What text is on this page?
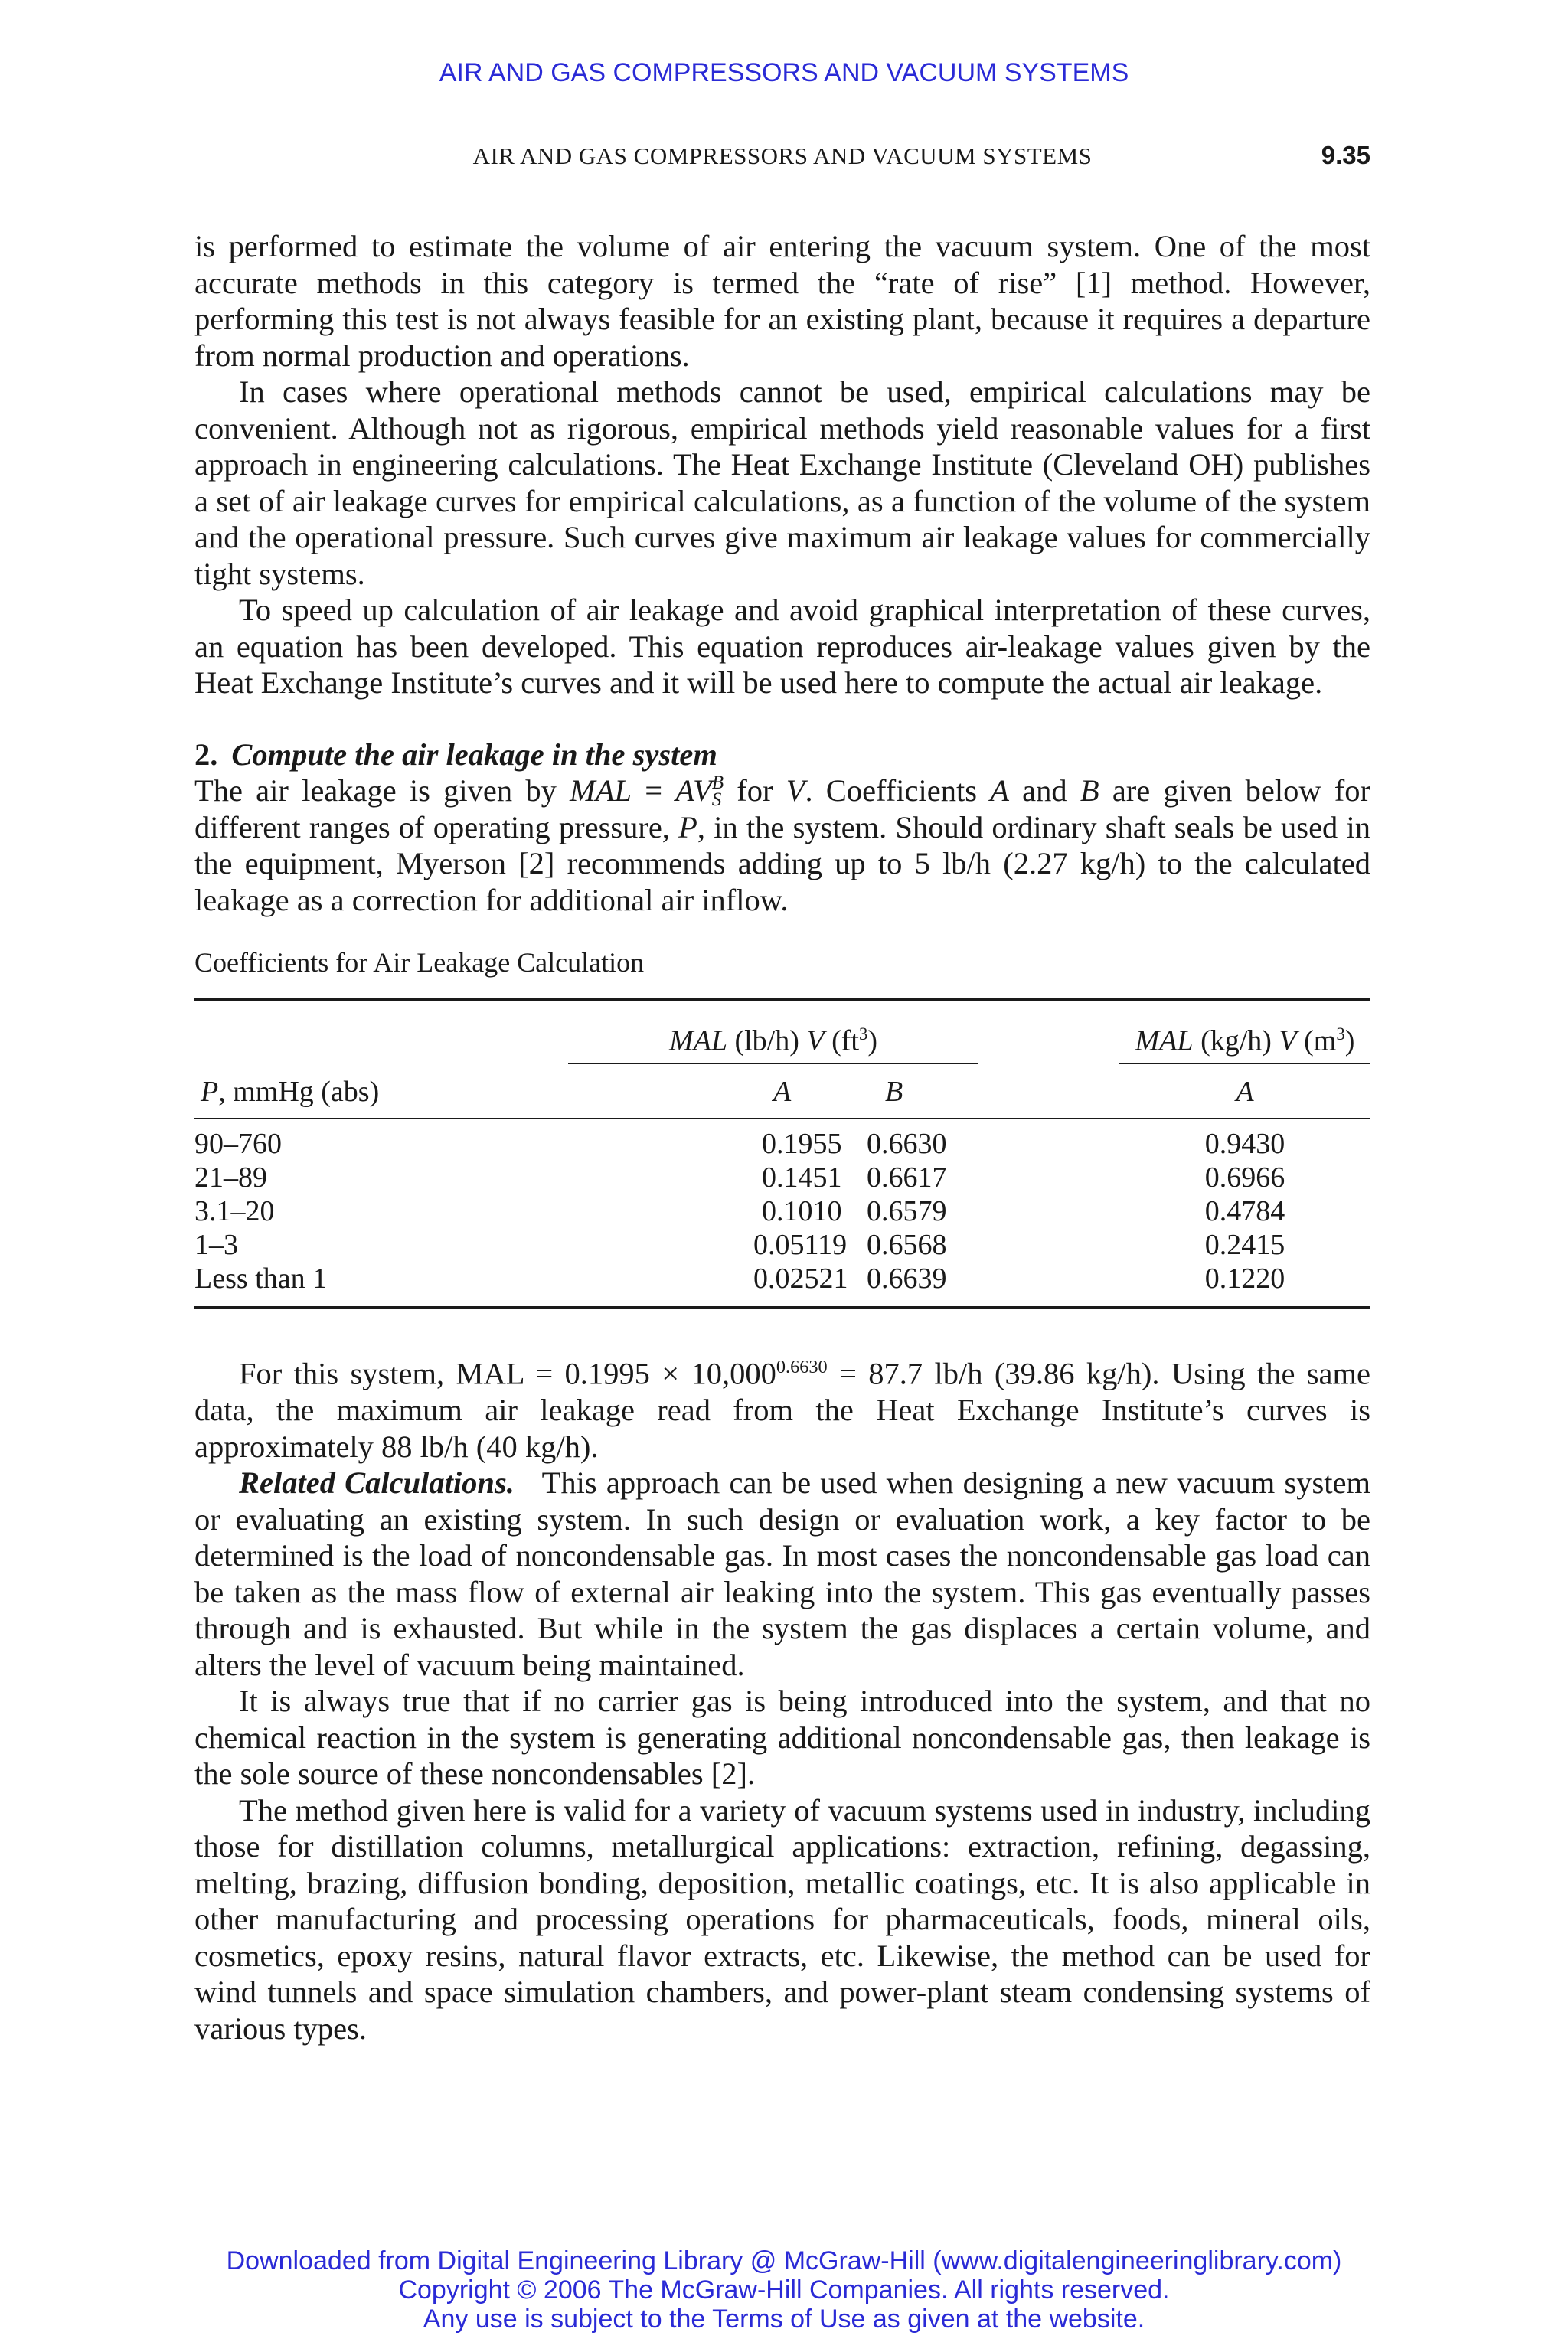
AIR AND GAS COMPRESSORS AND VACUUM SYSTEMS
AIR AND GAS COMPRESSORS AND VACUUM SYSTEMS	9.35

is performed to estimate the volume of air entering the vacuum system. One of the most accurate methods in this category is termed the “rate of rise” [1] method. However, performing this test is not always feasible for an existing plant, because it requires a departure from normal production and operations.

In cases where operational methods cannot be used, empirical calculations may be convenient. Although not as rigorous, empirical methods yield reasonable values for a first approach in engineering calculations. The Heat Exchange Institute (Cleveland OH) publishes a set of air leakage curves for empirical calculations, as a function of the volume of the system and the operational pressure. Such curves give maximum air leakage values for commercially tight systems.

To speed up calculation of air leakage and avoid graphical interpretation of these curves, an equation has been developed. This equation reproduces air-leakage values given by the Heat Exchange Institute’s curves and it will be used here to compute the actual air leakage.

2. Compute the air leakage in the system

The air leakage is given by MAL = AV B
S for V. Coefficients A and B are given below for different ranges of operating pressure, P, in the system. Should ordinary shaft seals be used in the equipment, Myerson [2] recommends adding up to 5 lb/h (2.27 kg/h) to the calculated leakage as a correction for additional air inflow.

Coefficients for Air Leakage Calculation

	MAL (lb/h) V $(ft^3)$				MAL (kg/h) V $(m^3)$
P, mmHg (abs)	A		B		A

90–760	0.1955		0.6630		0.9430
21–89	0.1451		0.6617		0.6966
3.1–20	0.1010		0.6579		0.4784
1–3	0.05119		0.6568		0.2415
Less than 1	0.02521		0.6639		0.1220

For this system, MAL = $0.1995 \times 10,000^{0.6630} = 87.7$ lb/h (39.86 kg/h). Using the same data, the maximum air leakage read from the Heat Exchange Institute’s curves is approximately 88 lb/h (40 kg/h).

Related Calculations. This approach can be used when designing a new vacuum system or evaluating an existing system. In such design or evaluation work, a key factor to be determined is the load of noncondensable gas. In most cases the noncondensable gas load can be taken as the mass flow of external air leaking into the system. This gas eventually passes through and is exhausted. But while in the system the gas displaces a certain volume, and alters the level of vacuum being maintained.

It is always true that if no carrier gas is being introduced into the system, and that no chemical reaction in the system is generating additional noncondensable gas, then leakage is the sole source of these noncondensables [2].

The method given here is valid for a variety of vacuum systems used in industry, including those for distillation columns, metallurgical applications: extraction, refining, degassing, melting, brazing, diffusion bonding, deposition, metallic coatings, etc. It is also applicable in other manufacturing and processing operations for pharmaceuticals, foods, mineral oils, cosmetics, epoxy resins, natural flavor extracts, etc. Likewise, the method can be used for wind tunnels and space simulation chambers, and power-plant steam condensing systems of various types.

Downloaded from Digital Engineering Library @ McGraw-Hill (www.digitalengineeringlibrary.com)
Copyright © 2006 The McGraw-Hill Companies. All rights reserved.
Any use is subject to the Terms of Use as given at the website.
